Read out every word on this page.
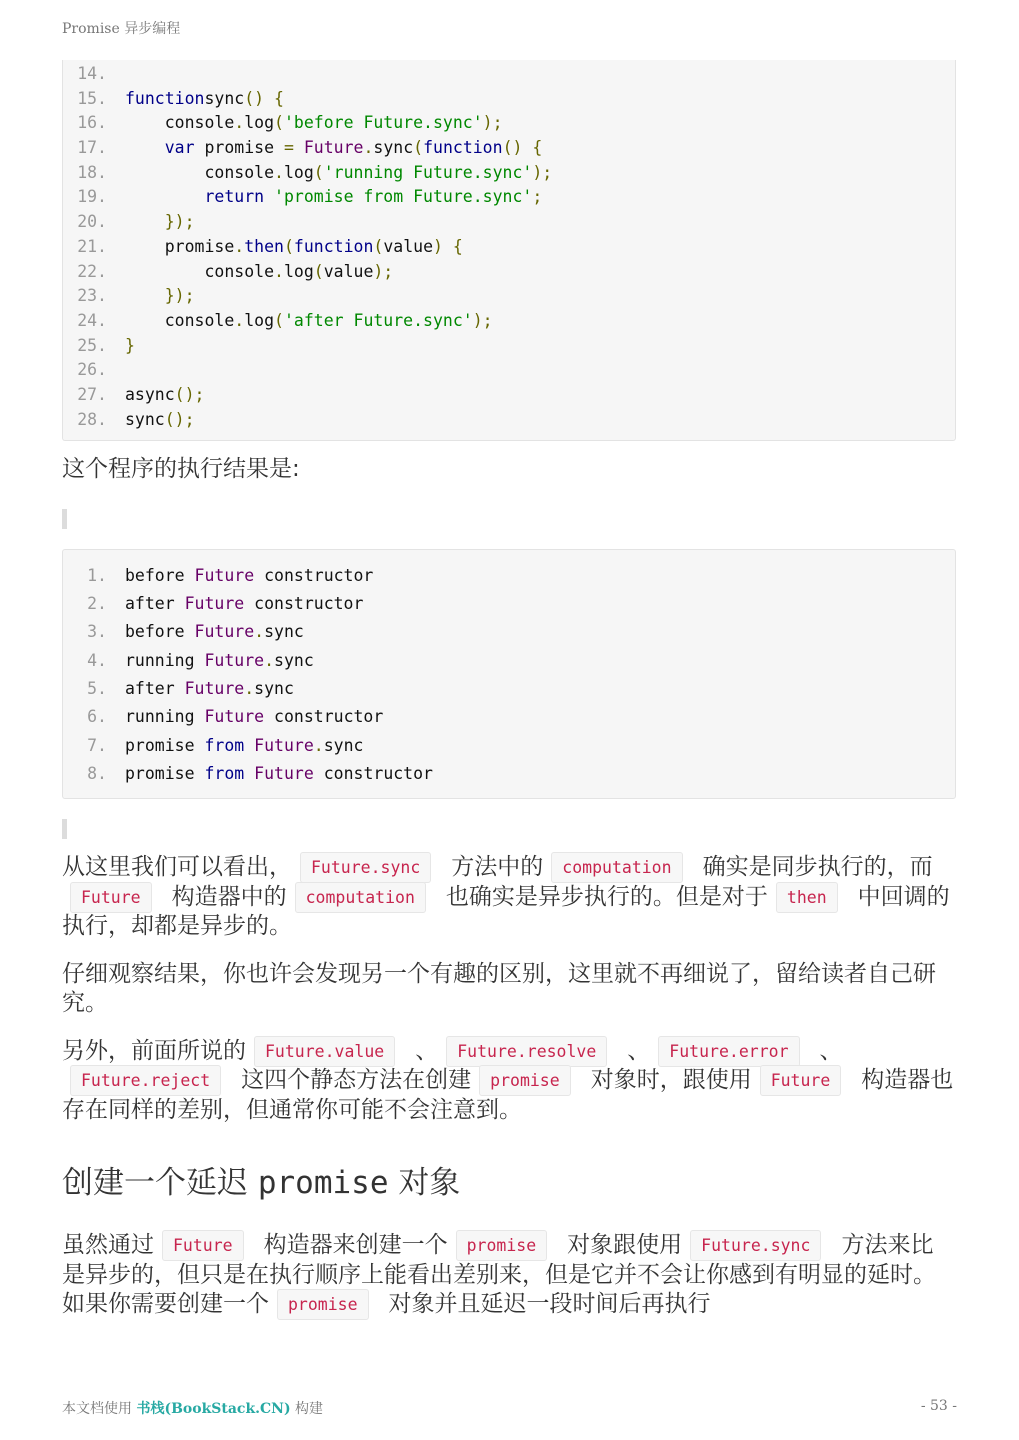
Promise 异步编程
14.
15.	functionsync() {
16.	console.log('before Future.sync');
17.	var promise = Future.sync(function() {
18.	console.log('running Future.sync');
19.	return 'promise from Future.sync';
20.	});
21.	promise.then(function(value) {
22.	console.log(value);
23.	});
24.	console.log('after Future.sync');
25.	}
26.
27.	async();
28.	sync();

这个程序的执行结果是:

1.	before Future constructor
2.	after Future constructor
3.	before Future.sync
4.	running Future.sync
5.	after Future.sync
6.	running Future constructor
7.	promise from Future.sync
8.	promise from Future constructor

从这里我们可以看出， Future.sync 方法中的 computation 确实是同步执行的，而Future 构造器中的 computation 也确实是异步执行的。但是对于 then 中回调的执行，却都是异步的。

仔细观察结果，你也许会发现另一个有趣的区别，这里就不再细说了，留给读者自己研究。

另外，前面所说的 Future.value 、 Future.resolve 、 Future.error 、Future.reject 这四个静态方法在创建 promise 对象时，跟使用 Future 构造器也存在同样的差别，但通常你可能不会注意到。

创建一个延迟 promise 对象

虽然通过 Future 构造器来创建一个 promise 对象跟使用 Future.sync 方法来比是异步的，但只是在执行顺序上能看出差别来，但是它并不会让你感到有明显的延时。如果你需要创建一个 promise 对象并且延迟一段时间后再执行

本文档使用 书栈(BookStack.CN) 构建	- 53 -
